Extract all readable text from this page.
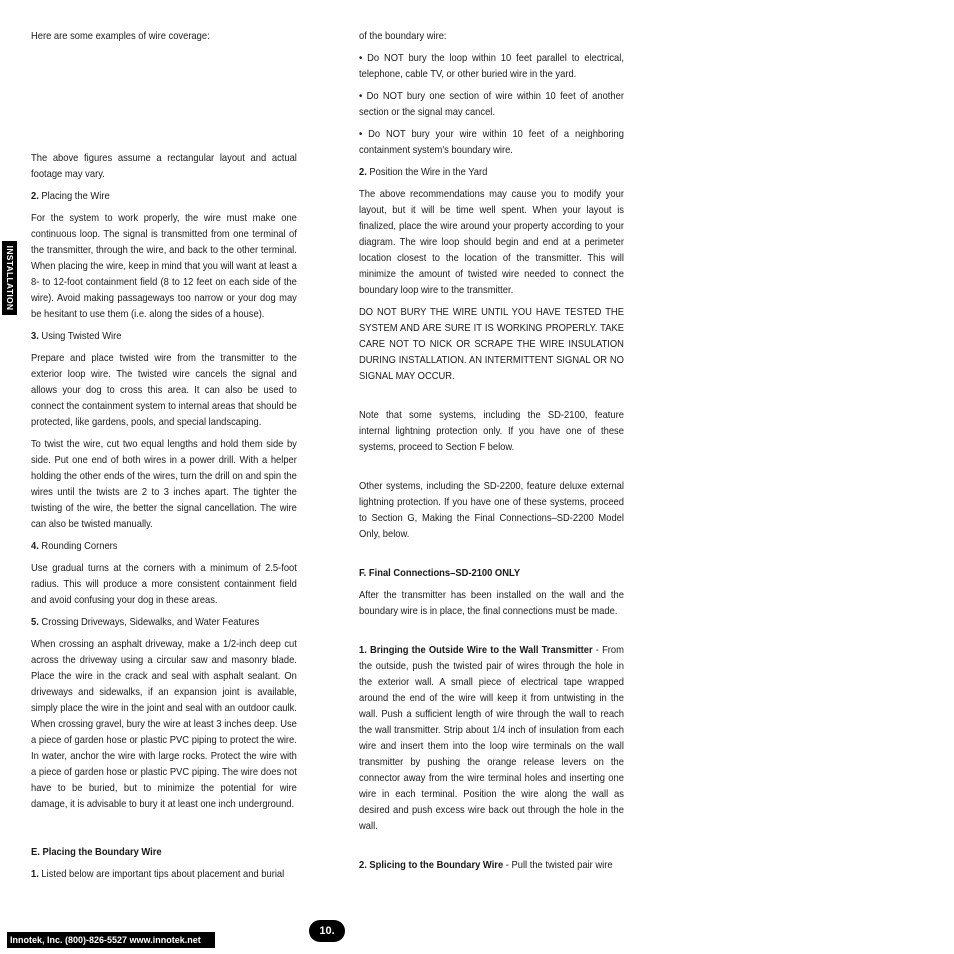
INSTALLATION

Here are some examples of wire coverage:

The above figures assume a rectangular layout and actual footage may vary.

2. Placing the Wire

For the system to work properly, the wire must make one continuous loop. The signal is transmitted from one terminal of the transmitter, through the wire, and back to the other terminal. When placing the wire, keep in mind that you will want at least a 8- to 12-foot containment field (8 to 12 feet on each side of the wire). Avoid making passageways too narrow or your dog may be hesitant to use them (i.e. along the sides of a house).

3. Using Twisted Wire

Prepare and place twisted wire from the transmitter to the exterior loop wire. The twisted wire cancels the signal and allows your dog to cross this area. It can also be used to connect the containment system to internal areas that should be protected, like gardens, pools, and special landscaping.

To twist the wire, cut two equal lengths and hold them side by side. Put one end of both wires in a power drill. With a helper holding the other ends of the wires, turn the drill on and spin the wires until the twists are 2 to 3 inches apart. The tighter the twisting of the wire, the better the signal cancellation. The wire can also be twisted manually.

4. Rounding Corners

Use gradual turns at the corners with a minimum of 2.5-foot radius. This will produce a more consistent containment field and avoid confusing your dog in these areas.

5. Crossing Driveways, Sidewalks, and Water Features

When crossing an asphalt driveway, make a 1/2-inch deep cut across the driveway using a circular saw and masonry blade. Place the wire in the crack and seal with asphalt sealant. On driveways and sidewalks, if an expansion joint is available, simply place the wire in the joint and seal with an outdoor caulk. When crossing gravel, bury the wire at least 3 inches deep. Use a piece of garden hose or plastic PVC piping to protect the wire. In water, anchor the wire with large rocks. Protect the wire with a piece of garden hose or plastic PVC piping. The wire does not have to be buried, but to minimize the potential for wire damage, it is advisable to bury it at least one inch underground.

E. Placing the Boundary Wire

1. Listed below are important tips about placement and burial

of the boundary wire:

• Do NOT bury the loop within 10 feet parallel to electrical, telephone, cable TV, or other buried wire in the yard.

• Do NOT bury one section of wire within 10 feet of another section or the signal may cancel.

• Do NOT bury your wire within 10 feet of a neighboring containment system's boundary wire.

2. Position the Wire in the Yard

The above recommendations may cause you to modify your layout, but it will be time well spent. When your layout is finalized, place the wire around your property according to your diagram. The wire loop should begin and end at a perimeter location closest to the location of the transmitter. This will minimize the amount of twisted wire needed to connect the boundary loop wire to the transmitter.

DO NOT BURY THE WIRE UNTIL YOU HAVE TESTED THE SYSTEM AND ARE SURE IT IS WORKING PROPERLY. TAKE CARE NOT TO NICK OR SCRAPE THE WIRE INSULATION DURING INSTALLATION. AN INTERMITTENT SIGNAL OR NO SIGNAL MAY OCCUR.

Note that some systems, including the SD-2100, feature internal lightning protection only. If you have one of these systems, proceed to Section F below.

Other systems, including the SD-2200, feature deluxe external lightning protection. If you have one of these systems, proceed to Section G, Making the Final Connections–SD-2200 Model Only, below.

F. Final Connections–SD-2100 ONLY

After the transmitter has been installed on the wall and the boundary wire is in place, the final connections must be made.

1. Bringing the Outside Wire to the Wall Transmitter - From the outside, push the twisted pair of wires through the hole in the exterior wall. A small piece of electrical tape wrapped around the end of the wire will keep it from untwisting in the wall. Push a sufficient length of wire through the wall to reach the wall transmitter. Strip about 1/4 inch of insulation from each wire and insert them into the loop wire terminals on the wall transmitter by pushing the orange release levers on the connector away from the wire terminal holes and inserting one wire in each terminal. Position the wire along the wall as desired and push excess wire back out through the hole in the wall.

2. Splicing to the Boundary Wire - Pull the twisted pair wire

Innotek, Inc. (800)-826-5527 www.innotek.net
10.
